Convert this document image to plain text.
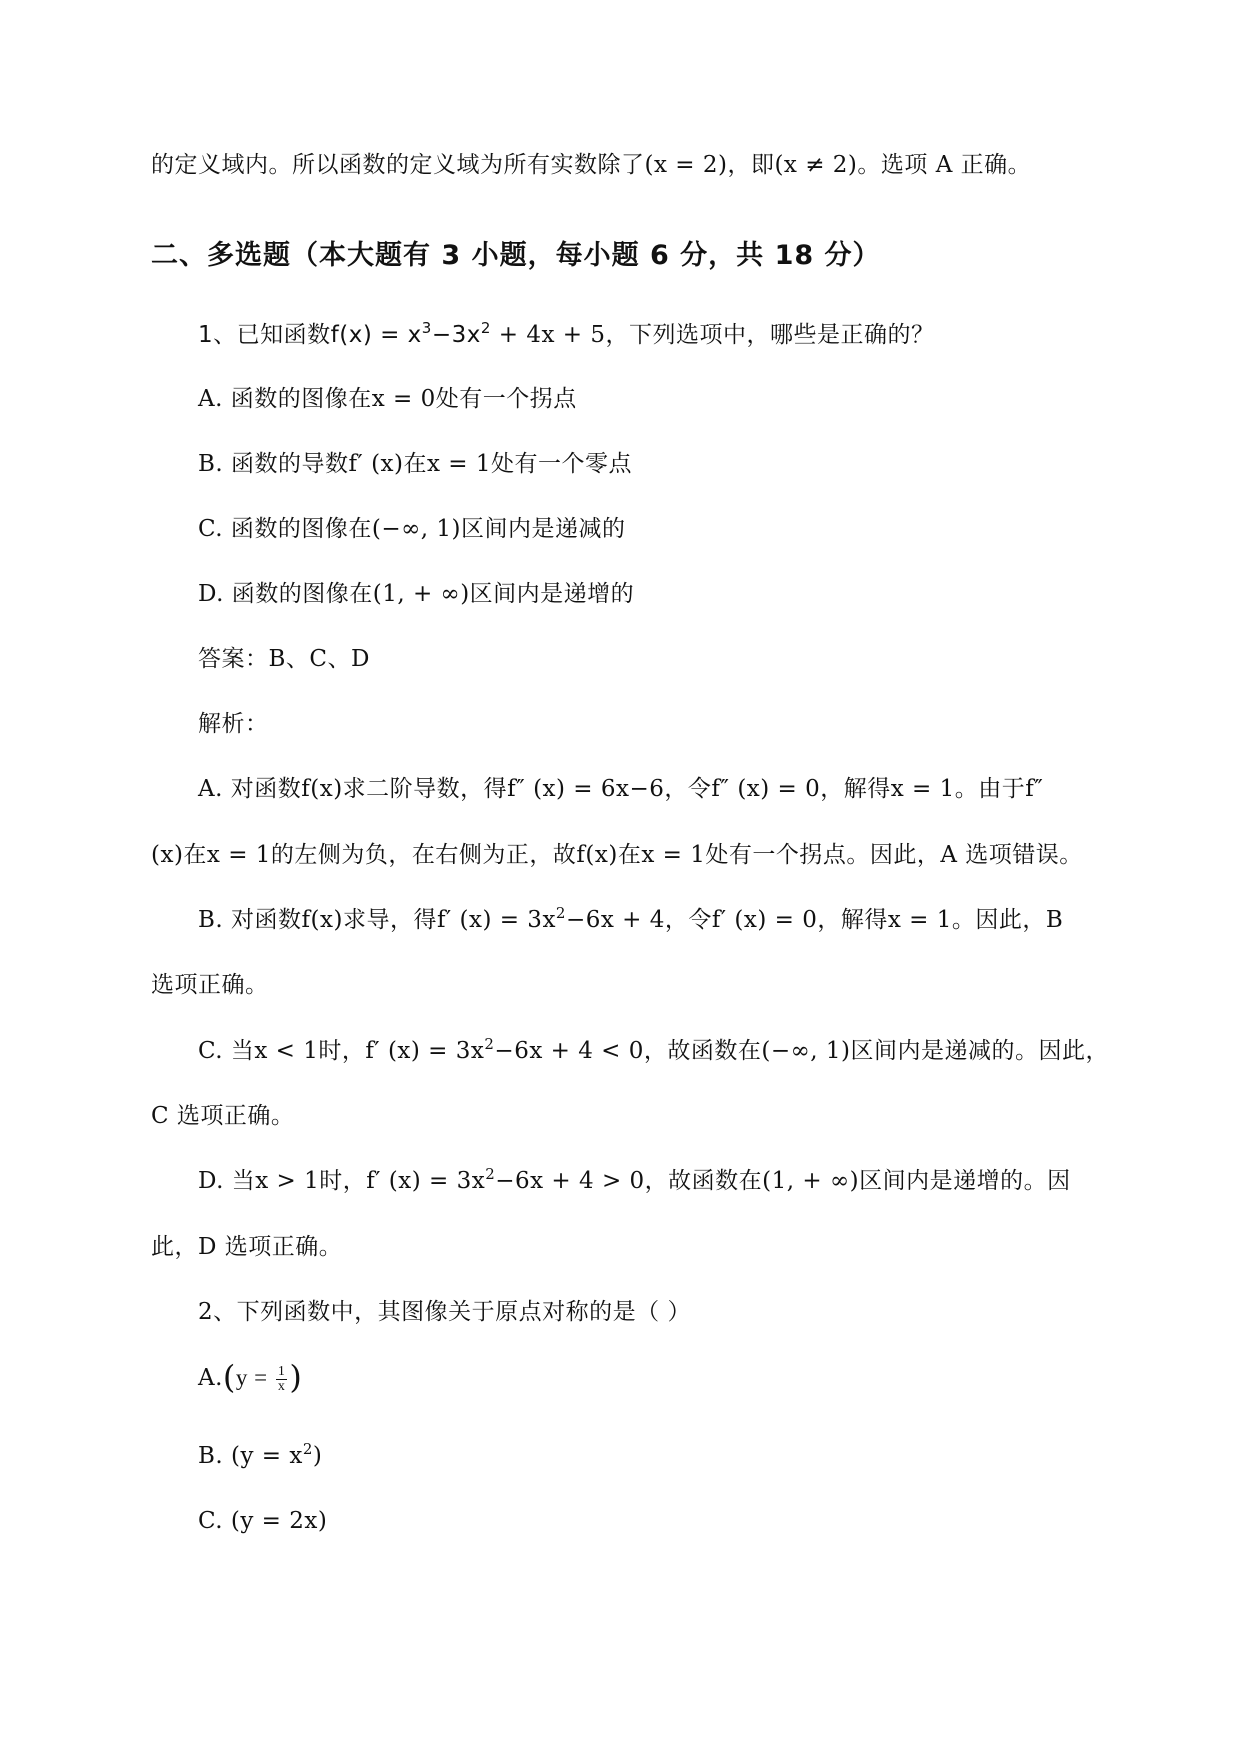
的定义域内。所以函数的定义域为所有实数除了(x = 2)，即(x ≠ 2)。选项 A 正确。
二、多选题（本大题有 3 小题，每小题 6 分，共 18 分）
1、已知函数$f(x) = x^3-3x^2 + 4x + 5$，下列选项中，哪些是正确的？
A. 函数的图像在x = 0处有一个拐点
B. 函数的导数f′ (x)在x = 1处有一个零点
C. 函数的图像在(−∞, 1)区间内是递减的
D. 函数的图像在(1, + ∞)区间内是递增的
答案：B、C、D
解析：
A. 对函数f(x)求二阶导数，得f″ (x) = 6x−6，令f″ (x) = 0，解得x = 1。由于f″
(x)在x = 1的左侧为负，在右侧为正，故f(x)在x = 1处有一个拐点。因此，A 选项错误。
B. 对函数f(x)求导，得f′ $(x) = 3x^2-6x + 4$，令f′ (x) = 0，解得x = 1。因此，B
选项正确。
C. 当x < 1时，f′ $(x) = 3x^2-6x + 4 < 0$，故函数在(−∞, 1)区间内是递减的。因此，
C 选项正确。
D. 当x > 1时，f′ $(x) = 3x^2-6x + 4 > 0$，故函数在(1, + ∞)区间内是递增的。因
此，D 选项正确。
2、下列函数中，其图像关于原点对称的是（ ）
$A.(y = \frac{1}{x}$ )
B. $(y = x^2)$
C. (y = 2x)
